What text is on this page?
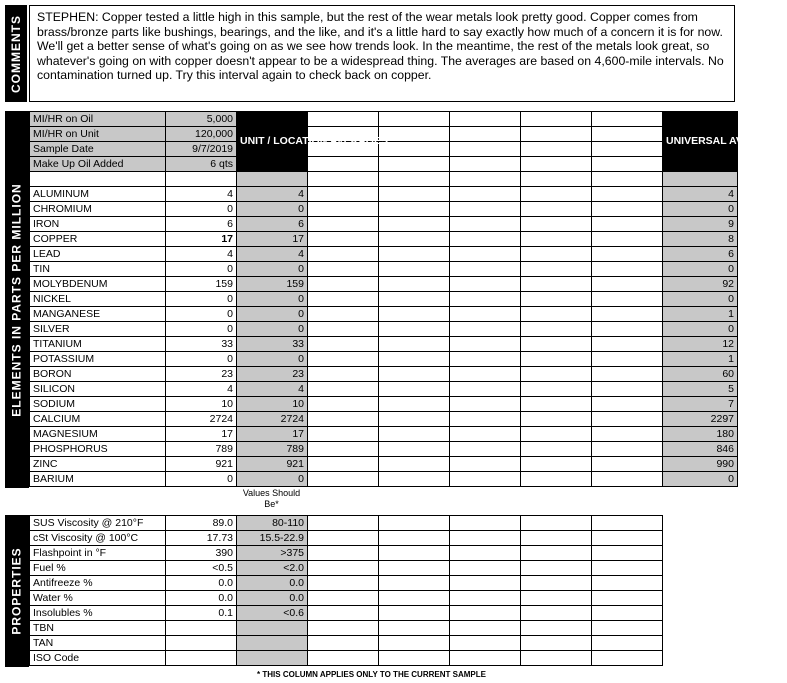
COMMENTS	STEPHEN: Copper tested a little high in this sample, but the rest of the wear metals look pretty good. Copper comes from brass/bronze parts like bushings, bearings, and the like, and it's a little hard to say exactly how much of a concern it is for now. We'll get a better sense of what's going on as we see how trends look. In the meantime, the rest of the metals look great, so whatever's going on with copper doesn't appear to be a widespread thing. The averages are based on 4,600-mile intervals. No contamination turned up. Try this interval again to check back on copper.
ELEMENTS IN PARTS PER MILLION
MI/HR on Oil	5,000	UNIT / LOCATION AVERAGES						UNIVERSAL AVERAGES
MI/HR on Unit	120,000							
Sample Date	9/7/2019							
Make Up Oil Added	6 qts							

ALUMINUM	4	4						4
CHROMIUM	0	0						0
IRON	6	6						9
COPPER	17	17						8
LEAD	4	4						6
TIN	0	0						0
MOLYBDENUM	159	159						92
NICKEL	0	0						0
MANGANESE	0	0						1
SILVER	0	0						0
TITANIUM	33	33						12
POTASSIUM	0	0						1
BORON	23	23						60
SILICON	4	4						5
SODIUM	10	10						7
CALCIUM	2724	2724						2297
MAGNESIUM	17	17						180
PHOSPHORUS	789	789						846
ZINC	921	921						990
BARIUM	0	0						0
Values Should Be*
PROPERTIES
SUS Viscosity @ 210°F	89.0	80-110					
cSt Viscosity @ 100°C	17.73	15.5-22.9					
Flashpoint in °F	390	>375					
Fuel %	<0.5	<2.0					
Antifreeze %	0.0	0.0					
Water %	0.0	0.0					
Insolubles %	0.1	<0.6					
TBN							
TAN							
ISO Code							
* THIS COLUMN APPLIES ONLY TO THE CURRENT SAMPLE
